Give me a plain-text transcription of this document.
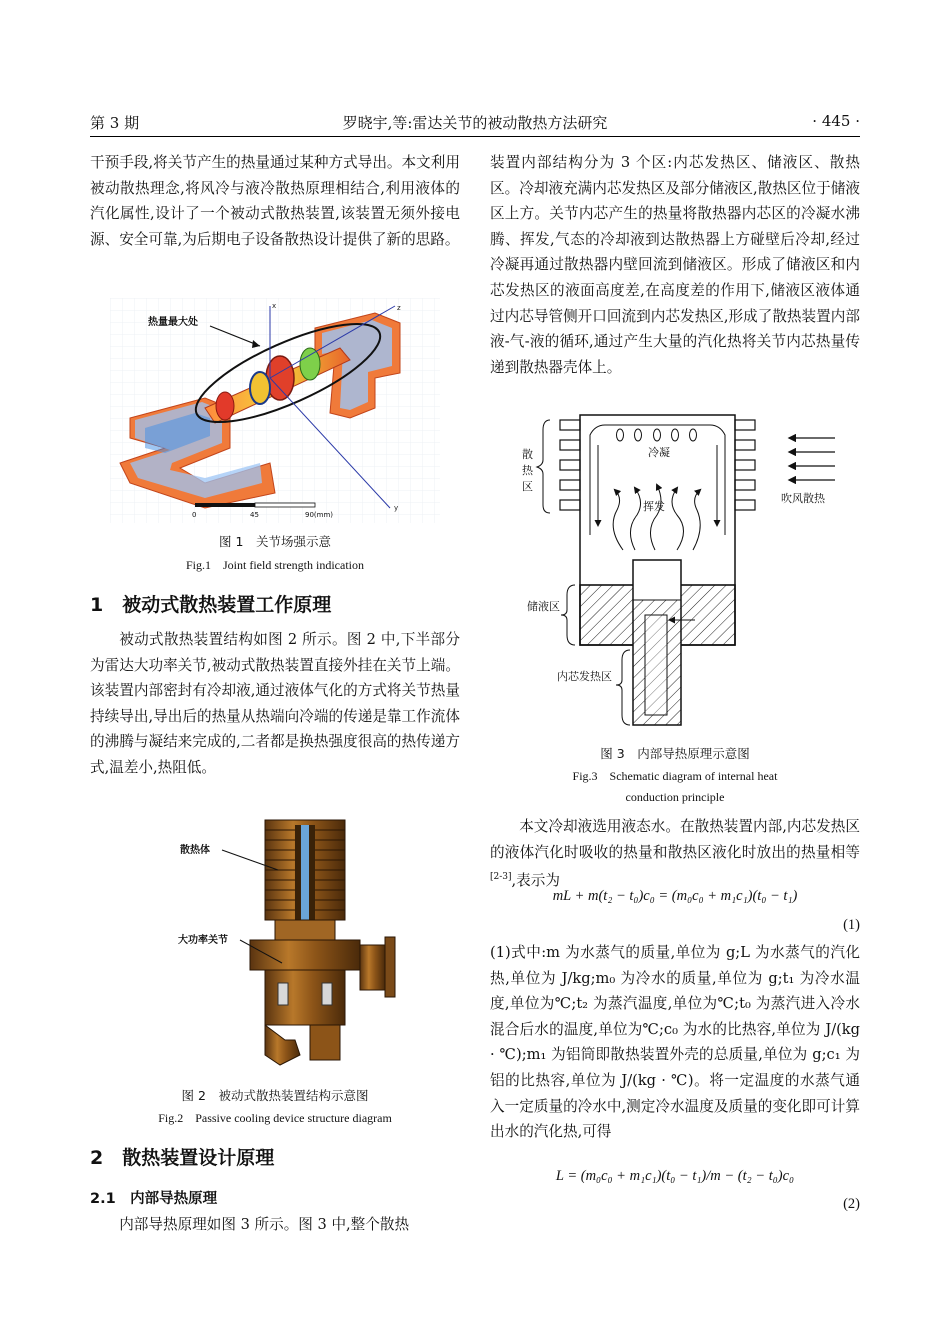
第 3 期	罗晓宇,等:雷达关节的被动散热方法研究	· 445 ·

干预手段,将关节产生的热量通过某种方式导出。本文利用被动散热理念,将风冷与液冷散热原理相结合,利用液体的汽化属性,设计了一个被动式散热装置,该装置无须外接电源、安全可靠,为后期电子设备散热设计提供了新的思路。

x
y
z
热量最大处
0	45	90(mm)
图 1　关节场强示意
Fig.1　Joint field strength indication
1　被动式散热装置工作原理

被动式散热装置结构如图 2 所示。图 2 中,下半部分为雷达大功率关节,被动式散热装置直接外挂在关节上端。该装置内部密封有冷却液,通过液体气化的方式将关节热量持续导出,导出后的热量从热端向冷端的传递是靠工作流体的沸腾与凝结来完成的,二者都是换热强度很高的热传递方式,温差小,热阻低。

散热体
大功率关节
图 2　被动式散热装置结构示意图
Fig.2　Passive cooling device structure diagram
2　散热装置设计原理
2.1　内部导热原理

内部导热原理如图 3 所示。图 3 中,整个散热

装置内部结构分为 3 个区:内芯发热区、储液区、散热区。冷却液充满内芯发热区及部分储液区,散热区位于储液区上方。关节内芯产生的热量将散热器内芯区的冷凝水沸腾、挥发,气态的冷却液到达散热器上方碰壁后冷却,经过冷凝再通过散热器内壁回流到储液区。形成了储液区和内芯发热区的液面高度差,在高度差的作用下,储液区液体通过内芯导管侧开口回流到内芯发热区,形成了散热装置内部液-气-液的循环,通过产生大量的汽化热将关节内芯热量传递到散热器壳体上。

散
热
区
冷凝
挥发
储液区
内芯发热区
吹风散热
图 3　内部导热原理示意图
Fig.3　Schematic diagram of internal heat
conduction principle

本文冷却液选用液态水。在散热装置内部,内芯发热区的液体汽化时吸收的热量和散热区液化时放出的热量相等[2-3],表示为

mL + m(t₂ − t₀)c₀ = (m₀c₀ + m₁c₁)(t₀ − t₁)
(1)

(1)式中:m 为水蒸气的质量,单位为 g;L 为水蒸气的汽化热,单位为 J/kg;m₀ 为冷水的质量,单位为 g;t₁ 为冷水温度,单位为℃;t₂ 为蒸汽温度,单位为℃;t₀ 为蒸汽进入冷水混合后水的温度,单位为℃;c₀ 为水的比热容,单位为 J/(kg · ℃);m₁ 为铝筒即散热装置外壳的总质量,单位为 g;c₁ 为铝的比热容,单位为 J/(kg · ℃)。将一定温度的水蒸气通入一定质量的冷水中,测定冷水温度及质量的变化即可计算出水的汽化热,可得

L = (m₀c₀ + m₁c₁)(t₀ − t₁)/m − (t₂ − t₀)c₀
(2)
